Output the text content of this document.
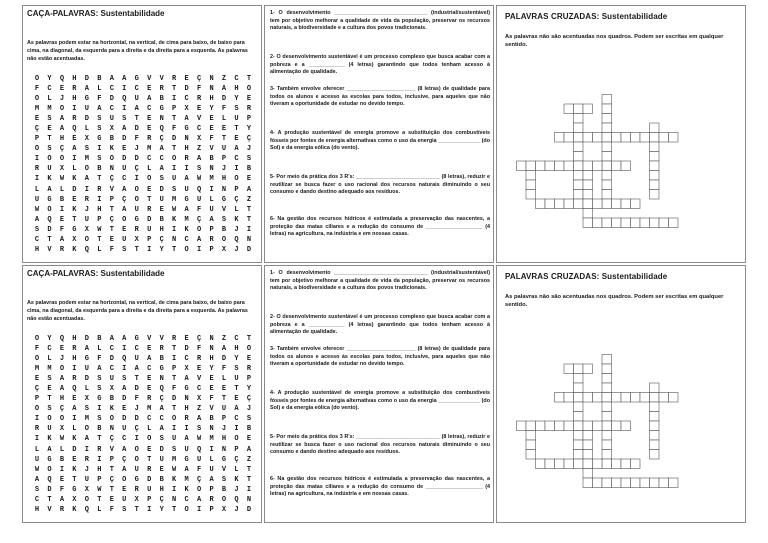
CAÇA-PALAVRAS: Sustentabilidade
As palavras podem estar na horizontal, na vertical, de cima para baixo, de baixo para cima, na diagonal, da esquerda para a direita e da direita para a esquerda. As palavras não estão acentuadas.
O	Y	Q	H	D	B	A	A	G	V	V	R	E	Ç	N	Z	C	T
F	C	E	R	A	L	C	I	C	E	R	T	D	F	N	A	H	O
O	L	J	H	G	F	D	Q	U	A	B	I	C	R	H	D	Y	E
M	M	O	I	U	A	C	I	A	C	G	P	X	E	Y	F	S	R
E	S	A	R	D	S	U	S	T	E	N	T	A	V	E	L	U	P
Ç	E	A	Q	L	S	X	A	D	E	Q	F	G	C	E	E	T	Y
P	T	H	E	X	G	B	D	F	R	Ç	D	N	X	F	T	E	Ç
O	S	Ç	A	S	I	K	E	J	M	A	T	H	Z	V	U	A	J
I	O	O	I	M	S	O	D	D	C	C	O	R	A	B	P	C	S
R	U	X	L	O	B	N	U	Ç	L	A	I	I	S	N	J	I	B
I	K	W	K	A	T	Ç	C	I	O	S	U	A	W	M	H	O	E
L	A	L	D	I	R	V	A	O	E	D	S	U	Q	I	N	P	A
U	G	B	E	R	I	P	Ç	O	T	U	M	G	U	L	G	Ç	Z
W	O	I	K	J	H	T	A	U	R	E	W	A	F	U	V	L	T
A	Q	E	T	U	P	Ç	O	G	D	B	K	M	Ç	A	S	K	T
S	D	F	G	X	W	T	E	R	U	H	I	K	O	P	B	J	I
C	T	A	X	O	T	E	U	X	P	Ç	N	C	A	R	O	Q	N
H	V	R	K	Q	L	F	S	T	I	Y	T	O	I	P	X	J	D
1- O desenvolvimento _______________________________ (industrial/sustentável) tem por objetivo melhorar a qualidade de vida da população, preservar os recursos naturais, a biodiversidade e a cultura dos povos tradicionais.
2- O desenvolvimento sustentável é um processo complexo que busca acabar com a pobreza e a ____________ (4 letras) garantindo que todos tenham acesso à alimentação de qualidade.
3- Também envolve oferecer _______________________ (8 letras) de qualidade para todos os alunos e acesso às escolas para todos, inclusive, para aqueles que não tiveram a oportunidade de estudar no devido tempo.
4- A produção sustentável de energia promove a substituição dos combustíveis fósseis por fontes de energia alternativas como o uso da energia ______________ (do Sol) e da energia eólica (do vento).
5- Por meio da prática dos 3 R's: ____________________________ (8 letras), reduzir e reutilizar se busca fazer o uso racional dos recursos naturais diminuindo o seu consumo e dando destino adequado aos resíduos.
6- Na gestão dos recursos hídricos é estimulada a preservação das nascentes, a proteção das matas ciliares e a redução do consumo de ___________________ (4 letras) na agricultura, na indústria e em nossas casas.
PALAVRAS CRUZADAS: Sustentabilidade
As palavras não são acentuadas nos quadros. Podem ser escritas em qualquer sentido.
CAÇA-PALAVRAS: Sustentabilidade
As palavras podem estar na horizontal, na vertical, de cima para baixo, de baixo para cima, na diagonal, da esquerda para a direita e da direita para a esquerda. As palavras não estão acentuadas.
O	Y	Q	H	D	B	A	A	G	V	V	R	E	Ç	N	Z	C	T
F	C	E	R	A	L	C	I	C	E	R	T	D	F	N	A	H	O
O	L	J	H	G	F	D	Q	U	A	B	I	C	R	H	D	Y	E
M	M	O	I	U	A	C	I	A	C	G	P	X	E	Y	F	S	R
E	S	A	R	D	S	U	S	T	E	N	T	A	V	E	L	U	P
Ç	E	A	Q	L	S	X	A	D	E	Q	F	G	C	E	E	T	Y
P	T	H	E	X	G	B	D	F	R	Ç	D	N	X	F	T	E	Ç
O	S	Ç	A	S	I	K	E	J	M	A	T	H	Z	V	U	A	J
I	O	O	I	M	S	O	D	D	C	C	O	R	A	B	P	C	S
R	U	X	L	O	B	N	U	Ç	L	A	I	I	S	N	J	I	B
I	K	W	K	A	T	Ç	C	I	O	S	U	A	W	M	H	O	E
L	A	L	D	I	R	V	A	O	E	D	S	U	Q	I	N	P	A
U	G	B	E	R	I	P	Ç	O	T	U	M	G	U	L	G	Ç	Z
W	O	I	K	J	H	T	A	U	R	E	W	A	F	U	V	L	T
A	Q	E	T	U	P	Ç	O	G	D	B	K	M	Ç	A	S	K	T
S	D	F	G	X	W	T	E	R	U	H	I	K	O	P	B	J	I
C	T	A	X	O	T	E	U	X	P	Ç	N	C	A	R	O	Q	N
H	V	R	K	Q	L	F	S	T	I	Y	T	O	I	P	X	J	D
1- O desenvolvimento _______________________________ (industrial/sustentável) tem por objetivo melhorar a qualidade de vida da população, preservar os recursos naturais, a biodiversidade e a cultura dos povos tradicionais.
2- O desenvolvimento sustentável é um processo complexo que busca acabar com a pobreza e a ____________ (4 letras) garantindo que todos tenham acesso à alimentação de qualidade.
3- Também envolve oferecer _______________________ (8 letras) de qualidade para todos os alunos e acesso às escolas para todos, inclusive, para aqueles que não tiveram a oportunidade de estudar no devido tempo.
4- A produção sustentável de energia promove a substituição dos combustíveis fósseis por fontes de energia alternativas como o uso da energia ______________ (do Sol) e da energia eólica (do vento).
5- Por meio da prática dos 3 R's: ____________________________ (8 letras), reduzir e reutilizar se busca fazer o uso racional dos recursos naturais diminuindo o seu consumo e dando destino adequado aos resíduos.
6- Na gestão dos recursos hídricos é estimulada a preservação das nascentes, a proteção das matas ciliares e a redução do consumo de ___________________ (4 letras) na agricultura, na indústria e em nossas casas.
PALAVRAS CRUZADAS: Sustentabilidade
As palavras não são acentuadas nos quadros. Podem ser escritas em qualquer sentido.
